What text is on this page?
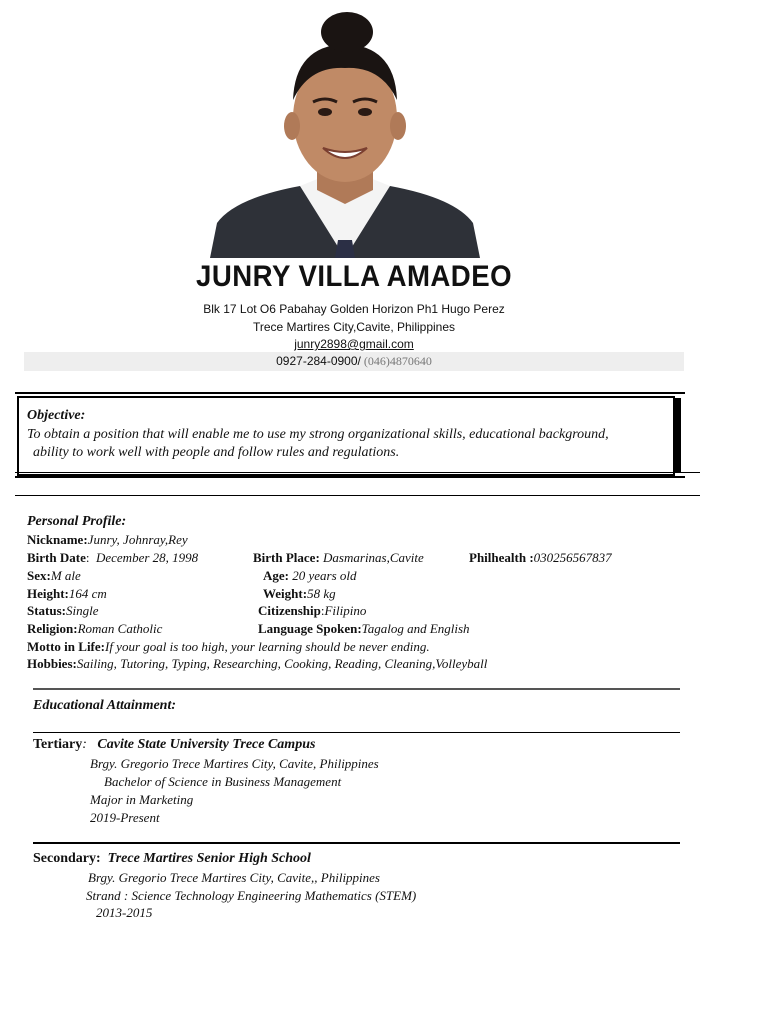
JUNRY VILLA AMADEO
Blk 17 Lot O6 Pabahay Golden Horizon Ph1 Hugo Perez
Trece Martires City,Cavite, Philippines
junry2898@gmail.com
0927-284-0900/ (046)4870640
Objective:
To obtain a position that will enable me to use my strong organizational skills, educational background,
ability to work well with people and follow rules and regulations.
Personal Profile:
Nickname:Junry, Johnray,Rey
Birth Date:  December 28, 1998	Birth Place: Dasmarinas,Cavite	Philhealth :030256567837
Sex:M ale	Age: 20 years old
Height:164 cm	Weight:58 kg
Status:Single	Citizenship:Filipino
Religion:Roman Catholic	Language Spoken:Tagalog and English
Motto in Life:If your goal is too high, your learning should be never ending.
Hobbies:Sailing, Tutoring, Typing, Researching, Cooking, Reading, Cleaning,Volleyball
Educational Attainment:
Tertiary: Cavite State University Trece Campus
Brgy. Gregorio Trece Martires City, Cavite, Philippines
Bachelor of Science in Business Management
Major in Marketing
2019-Present
Secondary: Trece Martires Senior High School
Brgy. Gregorio Trece Martires City, Cavite,, Philippines
Strand : Science Technology Engineering Mathematics (STEM)
2013-2015
